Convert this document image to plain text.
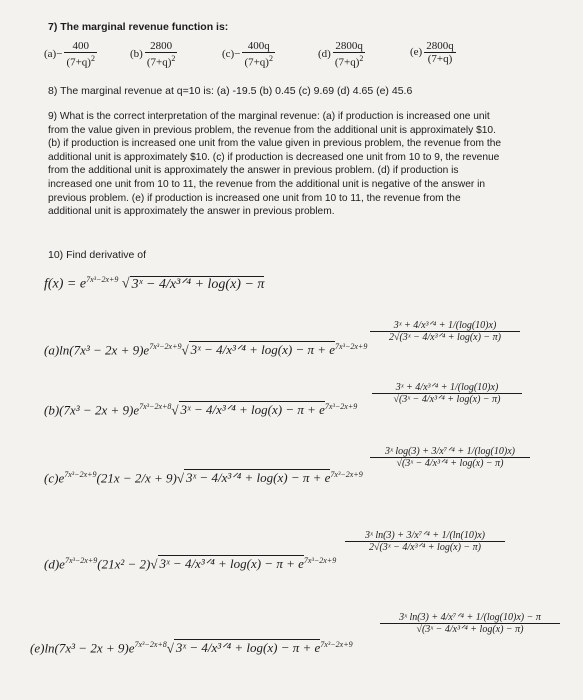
7) The marginal revenue function is:
$(a)- \frac{400}{(7+q)^2}$	$(b) \frac{2800}{(7+q)^2}$	$(c)- \frac{400q}{(7+q)^2}$	$(d) \frac{2800q}{(7+q)^2}$	$(e) \frac{2800q}{(7+q)}$
8) The marginal revenue at q=10 is: (a) -19.5 (b) 0.45 (c) 9.69 (d) 4.65 (e) 45.6
9) What is the correct interpretation of the marginal revenue: (a) if production is increased one unit
from the value given in previous problem, the revenue from the additional unit is approximately $10.
(b) if production is increased one unit from the value given in previous problem, the revenue from the
additional unit is approximately $10. (c) if production is decreased one unit from 10 to 9, the revenue
from the additional unit is approximately the answer in previous problem. (d) if production is
increased one unit from 10 to 11, the revenue from the additional unit is negative of the answer in
previous problem. (e) if production is increased one unit from 10 to 11, the revenue from the
additional unit is approximately the answer in previous problem.
10) Find derivative of
$f(x) = e^{7x^3-2x+9}$ √ 3ˣ − 4/x³ᐟ⁴ + log(x) − π
$(a)\ln(7x^3 - 2x + 9)e^{7x^3-2x+9}√$ 3ˣ − 4/x³ᐟ⁴ + $\log(x) - \pi + e^{7x^3-2x+9}$
3ˣ + 4/x³ᐟ⁴ + 1/(log(10)x)
2√(3ˣ − 4/x³ᐟ⁴ + log(x) − π)
$(b)(7x^3 - 2x + 9)e^{7x^3-2x+8}√$ 3ˣ − 4/x³ᐟ⁴ + $\log(x) - \pi + e^{7x^3-2x+9}$
3ˣ + 4/x³ᐟ⁴ + 1/(log(10)x)
√(3ˣ − 4/x³ᐟ⁴ + log(x) − π)
$(c)e^{7x^3-2x+9}(21x - 2/x + 9)√$ 3ˣ − 4/x³ᐟ⁴ + $\log(x) - \pi + e^{7x^3-2x+9}$
3ˣ log(3) + 3/x⁷ᐟ⁴ + 1/(log(10)x)
√(3ˣ − 4/x³ᐟ⁴ + log(x) − π)
$(d)e^{7x^3-2x+9}(21x^2 - 2)√$ 3ˣ − 4/x³ᐟ⁴ + $\log(x) - \pi + e^{7x^3-2x+9}$
3ˣ ln(3) + 3/x⁷ᐟ⁴ + 1/(ln(10)x)
2√(3ˣ − 4/x³ᐟ⁴ + log(x) − π)
$(e)\ln(7x^3 - 2x + 9)e^{7x^3-2x+8}√$ 3ˣ − 4/x³ᐟ⁴ + $\log(x) - \pi + e^{7x^3-2x+9}$
3ˣ ln(3) + 4/x⁷ᐟ⁴ + 1/(log(10)x) − π
√(3ˣ − 4/x³ᐟ⁴ + log(x) − π)
